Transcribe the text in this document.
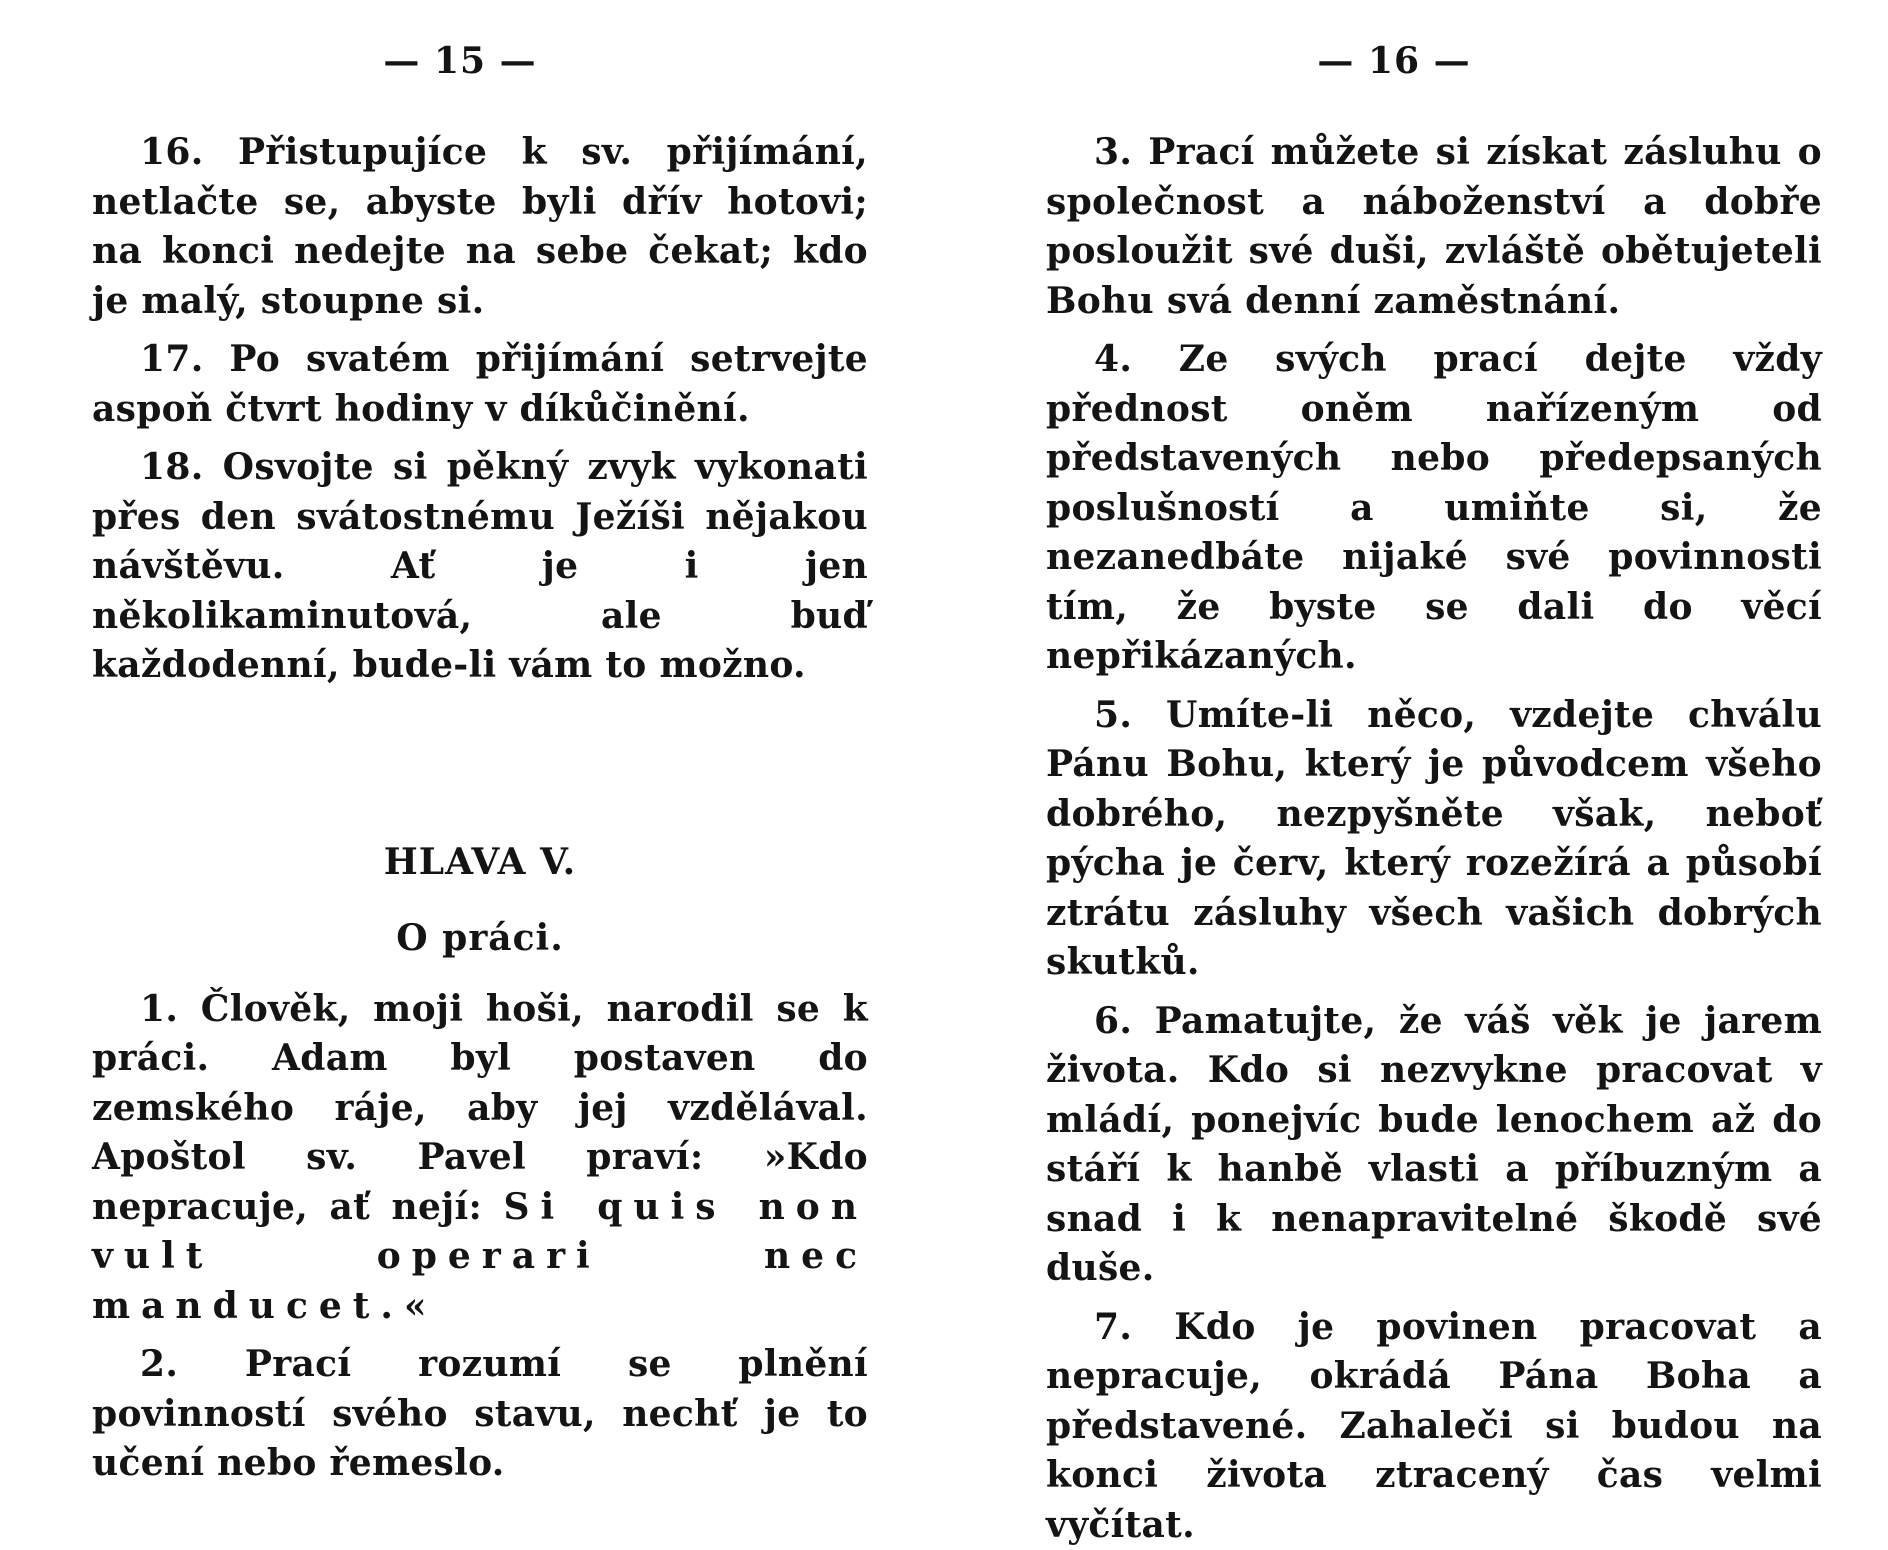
— 15 —

16. Přistupujíce k sv. přijímání, netlačte se, abyste byli dřív hotovi; na konci nedejte na sebe čekat; kdo je malý, stoupne si.

17. Po svatém přijímání setrvejte aspoň čtvrt hodiny v díkůčinění.

18. Osvojte si pěkný zvyk vykonati přes den svátostnému Ježíši nějakou návštěvu. Ať je i jen několikaminutová, ale buď každodenní, bude-li vám to možno.

HLAVA V.

O práci.

1. Člověk, moji hoši, narodil se k práci. Adam byl postaven do zemského ráje, aby jej vzdělával. Apoštol sv. Pavel praví: »Kdo nepracuje, ať nejí: Si quis non vult operari nec manducet.«

2. Prací rozumí se plnění povinností svého stavu, nechť je to učení nebo řemeslo.

— 16 —

3. Prací můžete si získat zásluhu o společnost a náboženství a dobře posloužit své duši, zvláště obětujeteli Bohu svá denní zaměstnání.

4. Ze svých prací dejte vždy přednost oněm nařízeným od představených nebo předepsaných poslušností a umiňte si, že nezanedbáte nijaké své povinnosti tím, že byste se dali do věcí nepřikázaných.

5. Umíte-li něco, vzdejte chválu Pánu Bohu, který je původcem všeho dobrého, nezpyšněte však, neboť pýcha je červ, který rozežírá a působí ztrátu zásluhy všech vašich dobrých skutků.

6. Pamatujte, že váš věk je jarem života. Kdo si nezvykne pracovat v mládí, ponejvíc bude lenochem až do stáří k hanbě vlasti a příbuzným a snad i k nenapravitelné škodě své duše.

7. Kdo je povinen pracovat a nepracuje, okrádá Pána Boha a představené. Zahaleči si budou na konci života ztracený čas velmi vyčítat.
